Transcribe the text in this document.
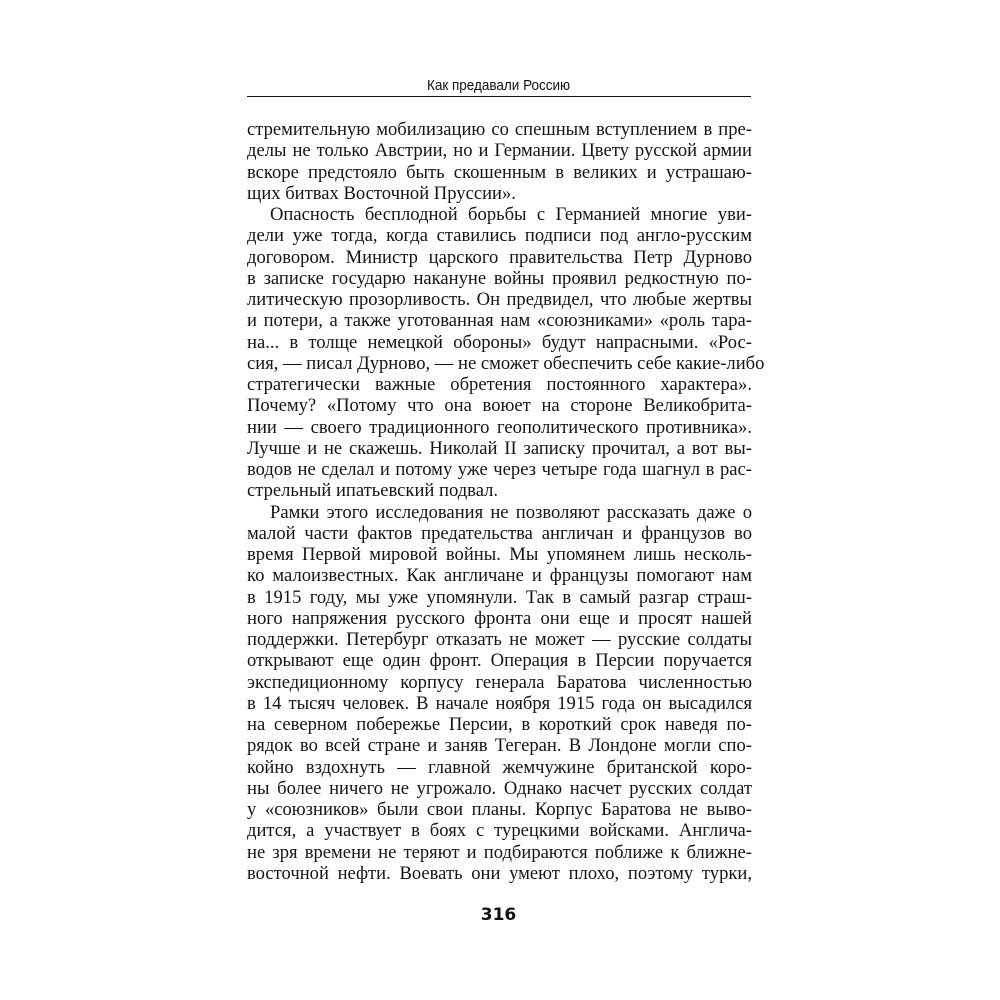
Как предавали Россию
стремительную мобилизацию со спешным вступлением в пре-
делы не только Австрии, но и Германии. Цвету русской армии
вскоре предстояло быть скошенным в великих и устрашаю-
щих битвах Восточной Пруссии».
Опасность бесплодной борьбы с Германией многие уви-
дели уже тогда, когда ставились подписи под англо-русским
договором. Министр царского правительства Петр Дурново
в записке государю накануне войны проявил редкостную по-
литическую прозорливость. Он предвидел, что любые жертвы
и потери, а также уготованная нам «союзниками» «роль тара-
на... в толще немецкой обороны» будут напрасными. «Рос-
сия, — писал Дурново, — не сможет обеспечить себе какие-либо
стратегически важные обретения постоянного характера».
Почему? «Потому что она воюет на стороне Великобрита-
нии — своего традиционного геополитического противника».
Лучше и не скажешь. Николай II записку прочитал, а вот вы-
водов не сделал и потому уже через четыре года шагнул в рас-
стрельный ипатьевский подвал.
Рамки этого исследования не позволяют рассказать даже о
малой части фактов предательства англичан и французов во
время Первой мировой войны. Мы упомянем лишь несколь-
ко малоизвестных. Как англичане и французы помогают нам
в 1915 году, мы уже упомянули. Так в самый разгар страш-
ного напряжения русского фронта они еще и просят нашей
поддержки. Петербург отказать не может — русские солдаты
открывают еще один фронт. Операция в Персии поручается
экспедиционному корпусу генерала Баратова численностью
в 14 тысяч человек. В начале ноября 1915 года он высадился
на северном побережье Персии, в короткий срок наведя по-
рядок во всей стране и заняв Тегеран. В Лондоне могли спо-
койно вздохнуть — главной жемчужине британской коро-
ны более ничего не угрожало. Однако насчет русских солдат
у «союзников» были свои планы. Корпус Баратова не выво-
дится, а участвует в боях с турецкими войсками. Англича-
не зря времени не теряют и подбираются поближе к ближне-
восточной нефти. Воевать они умеют плохо, поэтому турки,
316
